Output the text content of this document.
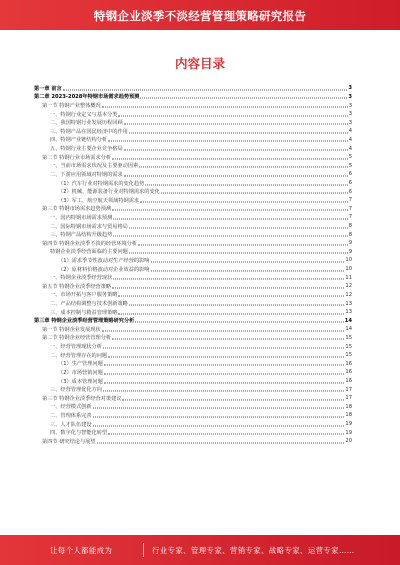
特钢企业淡季不淡经营管理策略研究报告
内容目录
第一章 前言	3
第二章 2023-2028年特钢市场需求趋势预测	3
第一节 特钢产业整体概况	3
一、特钢行业定义与基本分类	3
二、我国特钢行业发展历程回顾	3
三、特钢产品在国民经济中的作用	4
四、特钢产业链结构分析	4
五、特钢行业主要企业竞争格局	4
第二节 特钢行业市场需求分析	5
一、当前市场需求状况及主要驱动因素	5
二、下游应用领域对特钢的需求	6
（1）汽车行业对特钢需求的变化趋势	6
（2）机械、能源装备行业对特钢需求的变化	6
（3）军工、航空航天领域特钢需求	7
第三节 特钢市场需求趋势预测	7
一、国内特钢市场需求预测	7
二、国际特钢市场需求与贸易格局	8
三、特钢产品结构升级趋势	8
第四节 特钢企业淡季不淡的经营环境分析	9
特钢企业淡季经营面临的主要问题	9
（1）需求季节性波动对生产经营的影响	10
（2）原材料价格波动对企业效益的影响	10
一、特钢企业淡季经营现状	11
第五节 特钢企业淡季经营策略	12
一、市场开拓与客户服务策略	12
二、产品结构调整与技术创新策略	13
三、成本控制与精益管理策略	13
第三章 特钢企业淡季经营管理策略研究分析	14
第一节 特钢企业发展现状	14
第二节 特钢企业经营管理分析	15
一、经营管理现状分析	15
二、经营管理存在的问题	15
（1）生产管理问题	16
（2）市场营销问题	16
（3）成本管理问题	16
三、经营管理优化方向	17
第三节 特钢企业淡季经营对策建议	17
一、经营模式创新	18
二、管理体系完善	18
三、人才队伍建设	19
四、数字化与智能化转型	19
第四节 研究结论与展望	20
让每个人都能成为	行业专家、管理专家、营销专家、战略专家、运营专家……
